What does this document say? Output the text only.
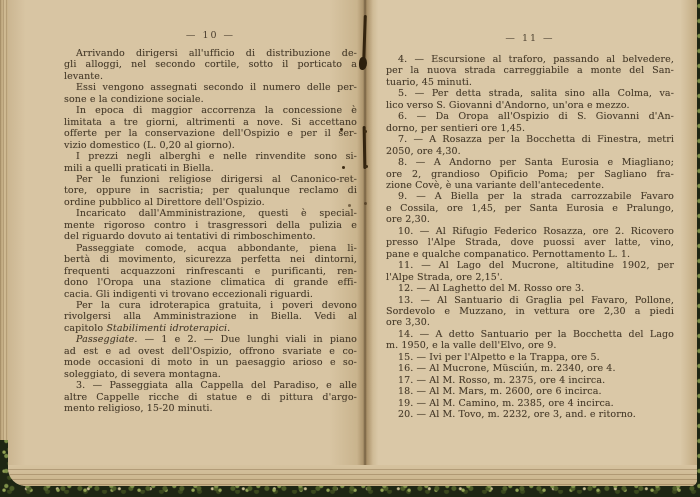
— 10 —	— 11 —
Arrivando dirigersi all'ufficio di distribuzione de-
gli alloggi, nel secondo cortile, sotto il porticato a
levante.
Essi vengono assegnati secondo il numero delle per-
sone e la condizione sociale.
In epoca di maggior accorrenza la concessione è
limitata a tre giorni, altrimenti a nove. Si accettano
offerte per la conservazione dell'Ospizio e per il ser-
vizio domestico (L. 0,20 al giorno).
I prezzi negli alberghi e nelle rinvendite sono si-
mili a quelli praticati in Biella.
Per le funzioni religiose dirigersi al Canonico-ret-
tore, oppure in sacristia; per qualunque reclamo di
ordine pubblico al Direttore dell'Ospizio.
Incaricato dall'Amministrazione, questi è special-
mente rigoroso contro i trasgressori della pulizia e
del riguardo dovuto ai tentativi di rimboschimento.
Passeggiate comode, acqua abbondante, piena li-
bertà di movimento, sicurezza perfetta nei dintorni,
frequenti acquazzoni rinfrescanti e purificanti, ren-
dono l'Oropa una stazione climatica di grande effi-
cacia. Gli indigenti vi trovano eccezionali riguardi.
Per la cura idroterapica gratuita, i poveri devono
rivolgersi alla Amministrazione in Biella. Vedi al
capitolo Stabilimenti idroterapici.
Passeggiate. — 1 e 2. — Due lunghi viali in piano
ad est e ad ovest dell'Ospizio, offrono svariate e co-
mode occasioni di moto in un paesaggio arioso e so-
soleggiato, di severa montagna.
3. — Passeggiata alla Cappella del Paradiso, e alle
altre Cappelle ricche di statue e di pittura d'argo-
mento religioso, 15-20 minuti.
4. — Escursione al traforo, passando al belvedere,
per la nuova strada carreggiabile a monte del San-
tuario, 45 minuti.
5. — Per detta strada, salita sino alla Colma, va-
lico verso S. Giovanni d'Andorno, un'ora e mezzo.
6. — Da Oropa all'Ospizio di S. Giovanni d'An-
dorno, per sentieri ore 1,45.
7. — A Rosazza per la Bocchetta di Finestra, metri
2050, ore 4,30.
8. — A Andorno per Santa Eurosia e Miagliano;
ore 2, grandioso Opificio Poma; per Sagliano fra-
zione Covè, è una variante dell'antecedente.
9. — A Biella per la strada carrozzabile Favaro
e Cossila, ore 1,45, per Santa Eurosia e Pralungo,
ore 2,30.
10. — Al Rifugio Federico Rosazza, ore 2. Ricovero
presso l'Alpe Strada, dove puossi aver latte, vino,
pane e qualche companatico. Pernottamento L. 1.
11. — Al Lago del Mucrone, altitudine 1902, per
l'Alpe Strada, ore 2,15'.
12. — Al Laghetto del M. Rosso ore 3.
13. — Al Santuario di Graglia pel Favaro, Pollone,
Sordevolo e Muzzano, in vettura ore 2,30 a piedi
ore 3,30.
14. — A detto Santuario per la Bocchetta del Lago
m. 1950, e la valle dell'Elvo, ore 9.
15. — Ivi per l'Alpetto e la Trappa, ore 5.
16. — Al Mucrone, Müsciún, m. 2340, ore 4.
17. — Al M. Rosso, m. 2375, ore 4 incirca.
18. — Al M. Mars, m. 2600, ore 6 incirca.
19. — Al M. Camino, m. 2385, ore 4 incirca.
20. — Al M. Tovo, m. 2232, ore 3, and. e ritorno.
